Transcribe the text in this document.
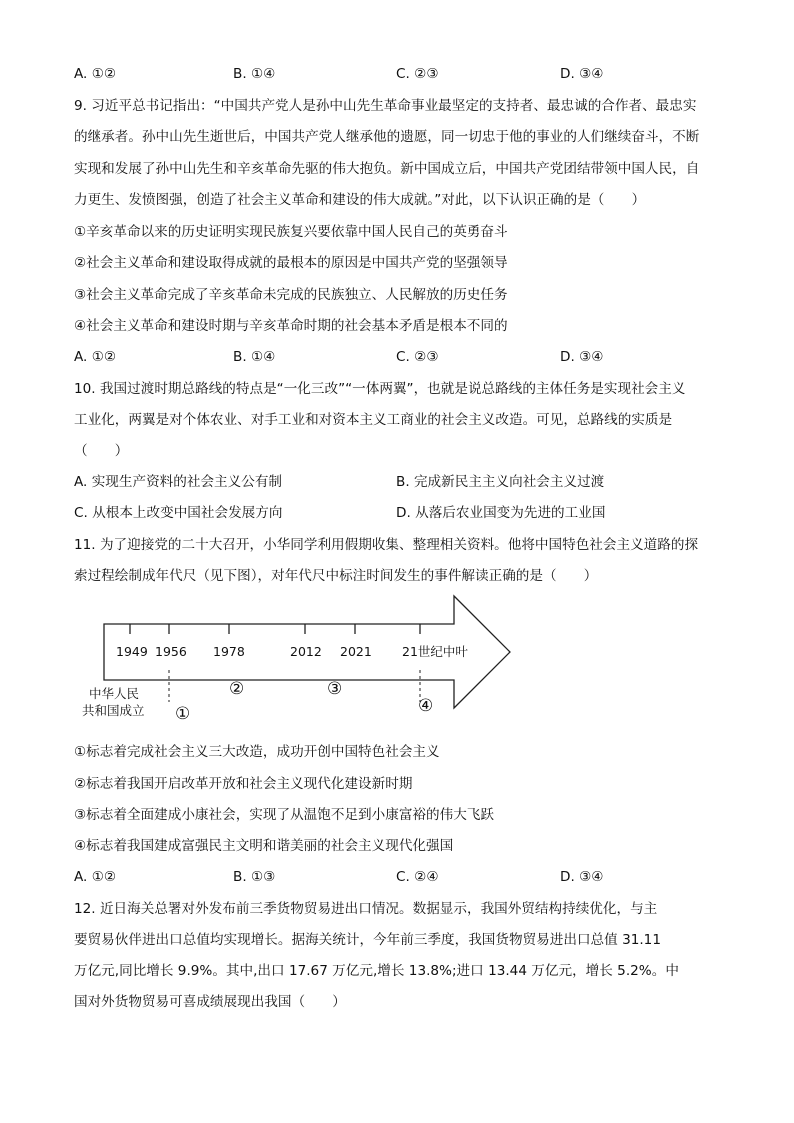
A. ①②	B. ①④	C. ②③	D. ③④
9. 习近平总书记指出：“中国共产党人是孙中山先生革命事业最坚定的支持者、最忠诚的合作者、最忠实
的继承者。孙中山先生逝世后，中国共产党人继承他的遗愿，同一切忠于他的事业的人们继续奋斗，不断
实现和发展了孙中山先生和辛亥革命先驱的伟大抱负。新中国成立后，中国共产党团结带领中国人民，自
力更生、发愤图强，创造了社会主义革命和建设的伟大成就。”对此，以下认识正确的是（　　）
①辛亥革命以来的历史证明实现民族复兴要依靠中国人民自己的英勇奋斗
②社会主义革命和建设取得成就的最根本的原因是中国共产党的坚强领导
③社会主义革命完成了辛亥革命未完成的民族独立、人民解放的历史任务
④社会主义革命和建设时期与辛亥革命时期的社会基本矛盾是根本不同的
A. ①②	B. ①④	C. ②③	D. ③④
10. 我国过渡时期总路线的特点是“一化三改”“一体两翼”，也就是说总路线的主体任务是实现社会主义
工业化，两翼是对个体农业、对手工业和对资本主义工商业的社会主义改造。可见，总路线的实质是
（　　）
A. 实现生产资料的社会主义公有制	B. 完成新民主主义向社会主义过渡
C. 从根本上改变中国社会发展方向	D. 从落后农业国变为先进的工业国
11. 为了迎接党的二十大召开，小华同学利用假期收集、整理相关资料。他将中国特色社会主义道路的探
索过程绘制成年代尺（见下图），对年代尺中标注时间发生的事件解读正确的是（　　）
1949 1956 1978	2012 2021 21世纪中叶
中华人民
共和国成立 ①
②	③
④
①标志着完成社会主义三大改造，成功开创中国特色社会主义
②标志着我国开启改革开放和社会主义现代化建设新时期
③标志着全面建成小康社会，实现了从温饱不足到小康富裕的伟大飞跃
④标志着我国建成富强民主文明和谐美丽的社会主义现代化强国
A. ①②	B. ①③	C. ②④	D. ③④
12. 近日海关总署对外发布前三季货物贸易进出口情况。数据显示，我国外贸结构持续优化，与主
要贸易伙伴进出口总值均实现增长。据海关统计，今年前三季度，我国货物贸易进出口总值 31.11
万亿元,同比增长 9.9%。其中,出口 17.67 万亿元,增长 13.8%;进口 13.44 万亿元，增长 5.2%。中
国对外货物贸易可喜成绩展现出我国（　　）
